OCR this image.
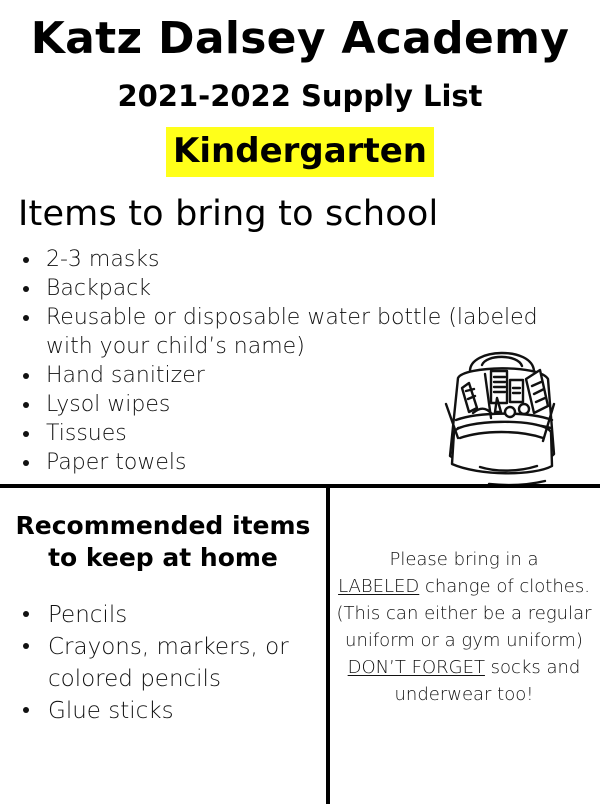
Katz Dalsey Academy
2021-2022 Supply List
Kindergarten
Items to bring to school
2-3 masks
Backpack
Reusable or disposable water bottle (labeled with your child’s name)
Hand sanitizer
Lysol wipes
Tissues
Paper towels
Recommended items to keep at home
Pencils
Crayons, markers, or colored pencils
Glue sticks
Please bring in a
LABELED change of clothes. (This can either be a regular uniform or a gym uniform) DON’T FORGET socks and underwear too!
